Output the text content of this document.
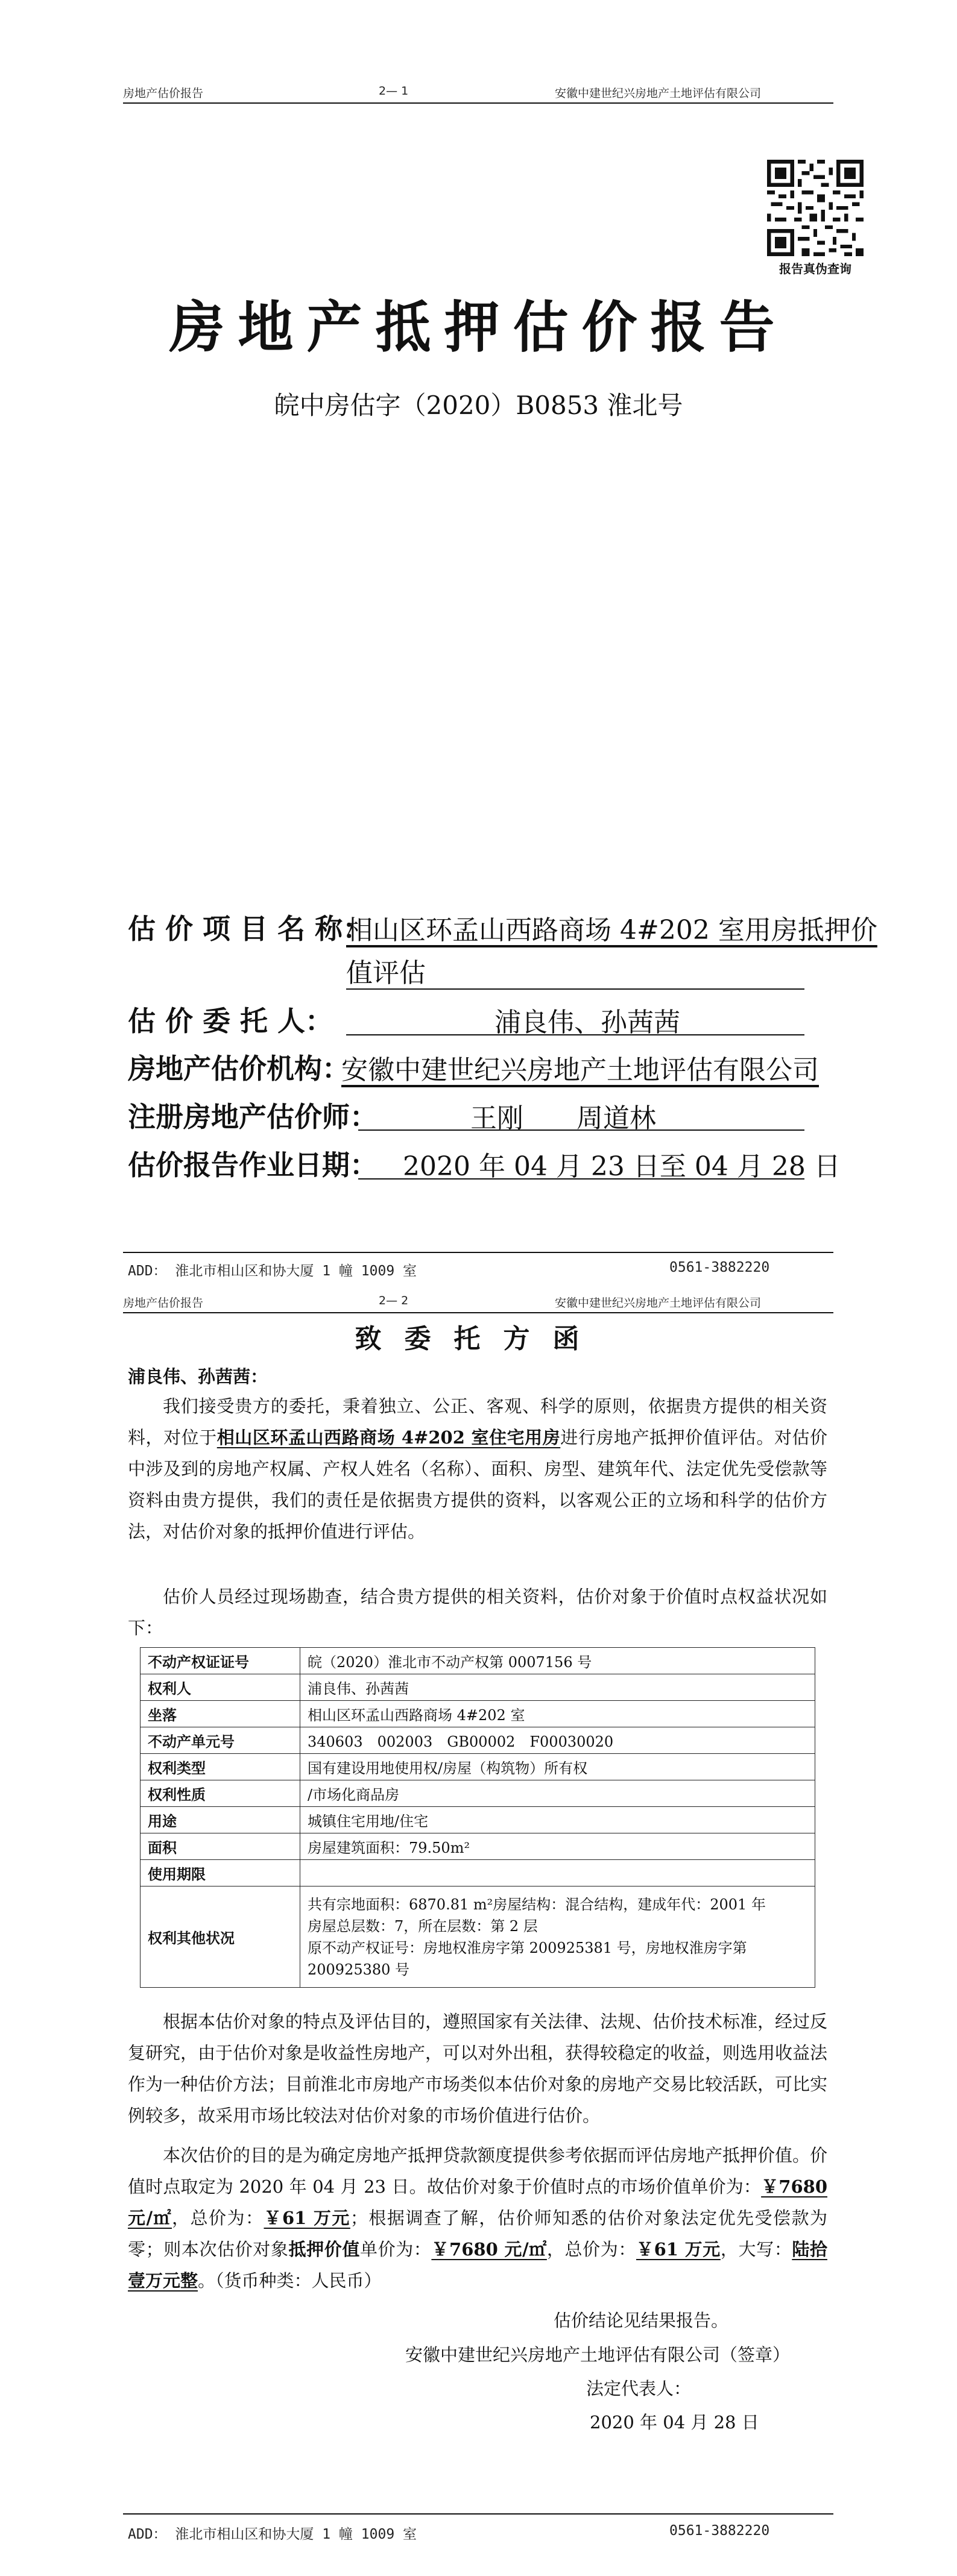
房地产估价报告	2— 1	安徽中建世纪兴房地产土地评估有限公司
报告真伪查询
房地产抵押估价报告
皖中房估字（2020）B0853 淮北号
估 价 项 目 名 称：
相山区环孟山西路商场 4#202 室用房抵押价
值评估
估 价 委 托 人：	浦良伟、孙茜茜
房地产估价机构：
安徽中建世纪兴房地产土地评估有限公司
注册房地产估价师：	王刚　　周道林
估价报告作业日期： 2020 年 04 月 23 日至 04 月 28 日
ADD： 淮北市相山区和协大厦 1 幢 1009 室	0561-3882220
房地产估价报告	2— 2	安徽中建世纪兴房地产土地评估有限公司
致委托方函
浦良伟、孙茜茜：
我们接受贵方的委托，秉着独立、公正、客观、科学的原则，依据贵方提供的相关资料，对位于相山区环孟山西路商场 4#202 室住宅用房进行房地产抵押价值评估。对估价中涉及到的房地产权属、产权人姓名（名称）、面积、房型、建筑年代、法定优先受偿款等资料由贵方提供，我们的责任是依据贵方提供的资料，以客观公正的立场和科学的估价方法，对估价对象的抵押价值进行评估。
估价人员经过现场勘查，结合贵方提供的相关资料，估价对象于价值时点权益状况如下：
不动产权证证号	皖（2020）淮北市不动产权第 0007156 号
权利人	浦良伟、孙茜茜
坐落	相山区环孟山西路商场 4#202 室
不动产单元号	340603　002003　GB00002　F00030020
权利类型	国有建设用地使用权/房屋（构筑物）所有权
权利性质	/市场化商品房
用途	城镇住宅用地/住宅
面积	房屋建筑面积：79.50m²
使用期限	
权利其他状况	共有宗地面积：6870.81 m²房屋结构：混合结构，建成年代：2001 年
房屋总层数：7，所在层数：第 2 层
原不动产权证号：房地权淮房字第 200925381 号，房地权淮房字第
200925380 号
根据本估价对象的特点及评估目的，遵照国家有关法律、法规、估价技术标准，经过反复研究，由于估价对象是收益性房地产，可以对外出租，获得较稳定的收益，则选用收益法作为一种估价方法；目前淮北市房地产市场类似本估价对象的房地产交易比较活跃，可比实例较多，故采用市场比较法对估价对象的市场价值进行估价。
本次估价的目的是为确定房地产抵押贷款额度提供参考依据而评估房地产抵押价值。价值时点取定为 2020 年 04 月 23 日。故估价对象于价值时点的市场价值单价为：￥7680 元/㎡，总价为：￥61 万元；根据调查了解，估价师知悉的估价对象法定优先受偿款为零；则本次估价对象抵押价值单价为：￥7680 元/㎡，总价为：￥61 万元，大写：陆拾壹万元整。（货币种类：人民币）
估价结论见结果报告。
安徽中建世纪兴房地产土地评估有限公司（签章）
法定代表人：
2020 年 04 月 28 日
ADD： 淮北市相山区和协大厦 1 幢 1009 室	0561-3882220
